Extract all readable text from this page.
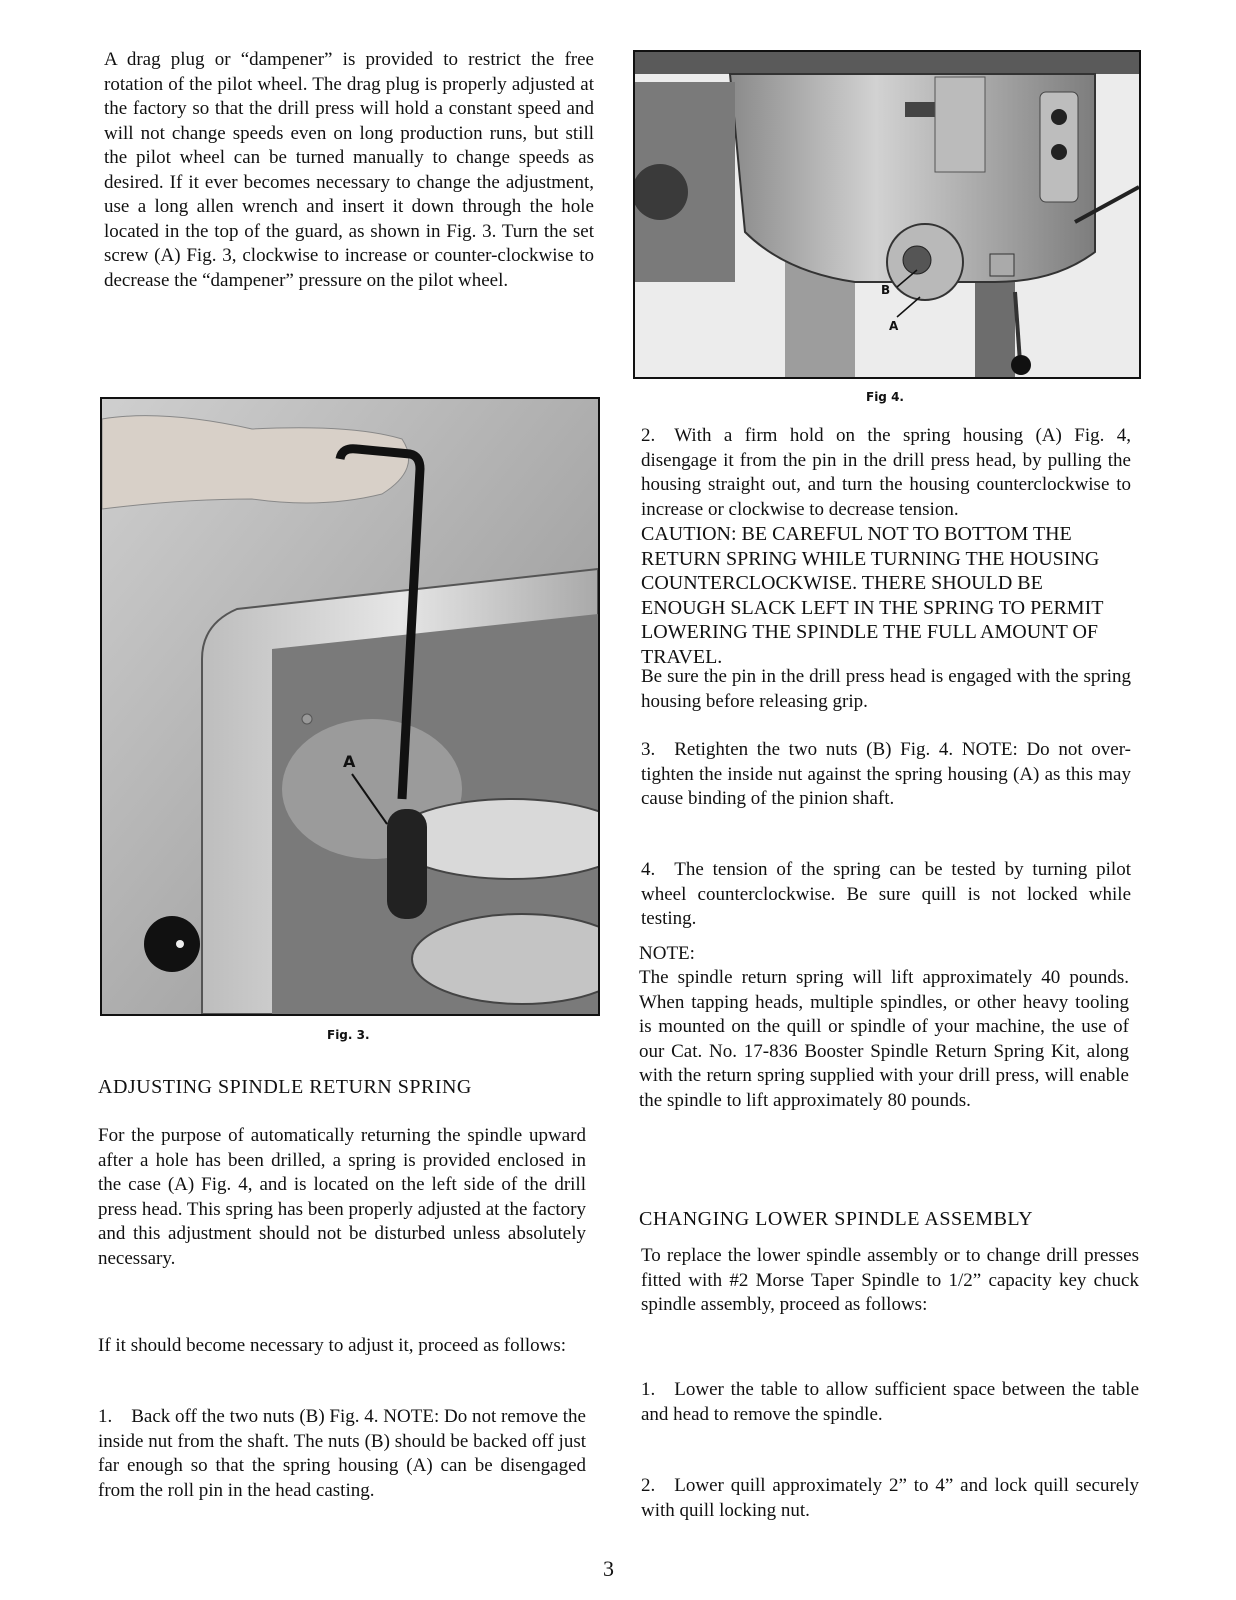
A drag plug or “dampener” is provided to restrict the free rotation of the pilot wheel. The drag plug is properly adjusted at the factory so that the drill press will hold a constant speed and will not change speeds even on long production runs, but still the pilot wheel can be turned manually to change speeds as desired. If it ever becomes necessary to change the adjustment, use a long allen wrench and insert it down through the hole located in the top of the guard, as shown in Fig. 3. Turn the set screw (A) Fig. 3, clockwise to increase or counter-clockwise to decrease the “dampener” pressure on the pilot wheel.

A
Fig. 3.
ADJUSTING SPINDLE RETURN SPRING

For the purpose of automatically returning the spindle upward after a hole has been drilled, a spring is provided enclosed in the case (A) Fig. 4, and is located on the left side of the drill press head. This spring has been properly adjusted at the factory and this adjustment should not be disturbed unless absolutely necessary.

If it should become necessary to adjust it, proceed as follows:

1. Back off the two nuts (B) Fig. 4. NOTE: Do not remove the inside nut from the shaft. The nuts (B) should be backed off just far enough so that the spring housing (A) can be disengaged from the roll pin in the head casting.

B
A
Fig 4.

2. With a firm hold on the spring housing (A) Fig. 4, disengage it from the pin in the drill press head, by pulling the housing straight out, and turn the housing counterclockwise to increase or clockwise to decrease tension.

CAUTION: BE CAREFUL NOT TO BOTTOM THE RETURN SPRING WHILE TURNING THE HOUSING COUNTERCLOCKWISE. THERE SHOULD BE ENOUGH SLACK LEFT IN THE SPRING TO PERMIT LOWERING THE SPINDLE THE FULL AMOUNT OF TRAVEL.

Be sure the pin in the drill press head is engaged with the spring housing before releasing grip.

3. Retighten the two nuts (B) Fig. 4. NOTE: Do not over-tighten the inside nut against the spring housing (A) as this may cause binding of the pinion shaft.

4. The tension of the spring can be tested by turning pilot wheel counterclockwise. Be sure quill is not locked while testing.

NOTE:

The spindle return spring will lift approximately 40 pounds. When tapping heads, multiple spindles, or other heavy tooling is mounted on the quill or spindle of your machine, the use of our Cat. No. 17-836 Booster Spindle Return Spring Kit, along with the return spring supplied with your drill press, will enable the spindle to lift approximately 80 pounds.

CHANGING LOWER SPINDLE ASSEMBLY

To replace the lower spindle assembly or to change drill presses fitted with #2 Morse Taper Spindle to 1/2” capacity key chuck spindle assembly, proceed as follows:

1. Lower the table to allow sufficient space between the table and head to remove the spindle.

2. Lower quill approximately 2” to 4” and lock quill securely with quill locking nut.

3
